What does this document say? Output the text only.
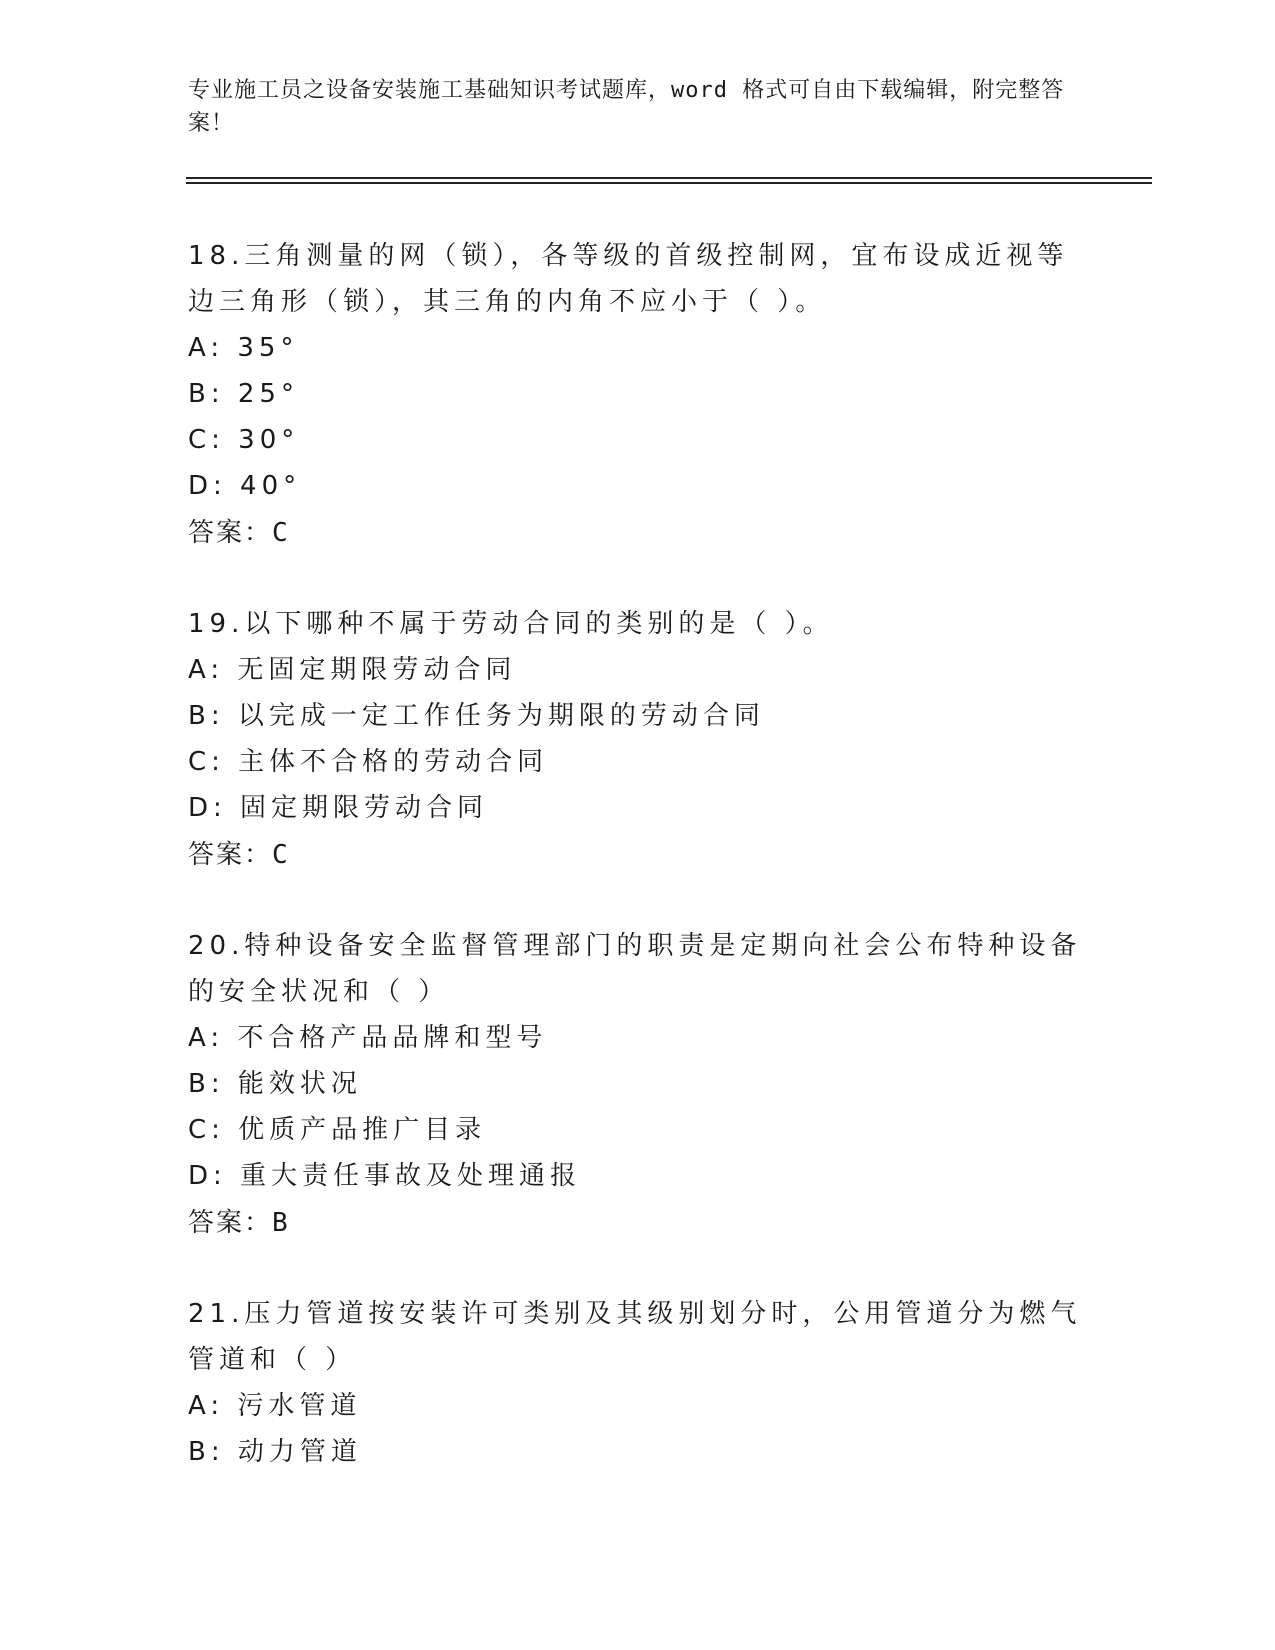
专业施工员之设备安装施工基础知识考试题库，word 格式可自由下载编辑，附完整答案！
18.三角测量的网（锁），各等级的首级控制网，宜布设成近视等边三角形（锁），其三角的内角不应小于（ ）。
A: 35°
B: 25°
C: 30°
D: 40°
答案：C
19.以下哪种不属于劳动合同的类别的是（ ）。
A: 无固定期限劳动合同
B: 以完成一定工作任务为期限的劳动合同
C: 主体不合格的劳动合同
D: 固定期限劳动合同
答案：C
20.特种设备安全监督管理部门的职责是定期向社会公布特种设备的安全状况和（ ）
A: 不合格产品品牌和型号
B: 能效状况
C: 优质产品推广目录
D: 重大责任事故及处理通报
答案：B
21.压力管道按安装许可类别及其级别划分时，公用管道分为燃气管道和（ ）
A: 污水管道
B: 动力管道
